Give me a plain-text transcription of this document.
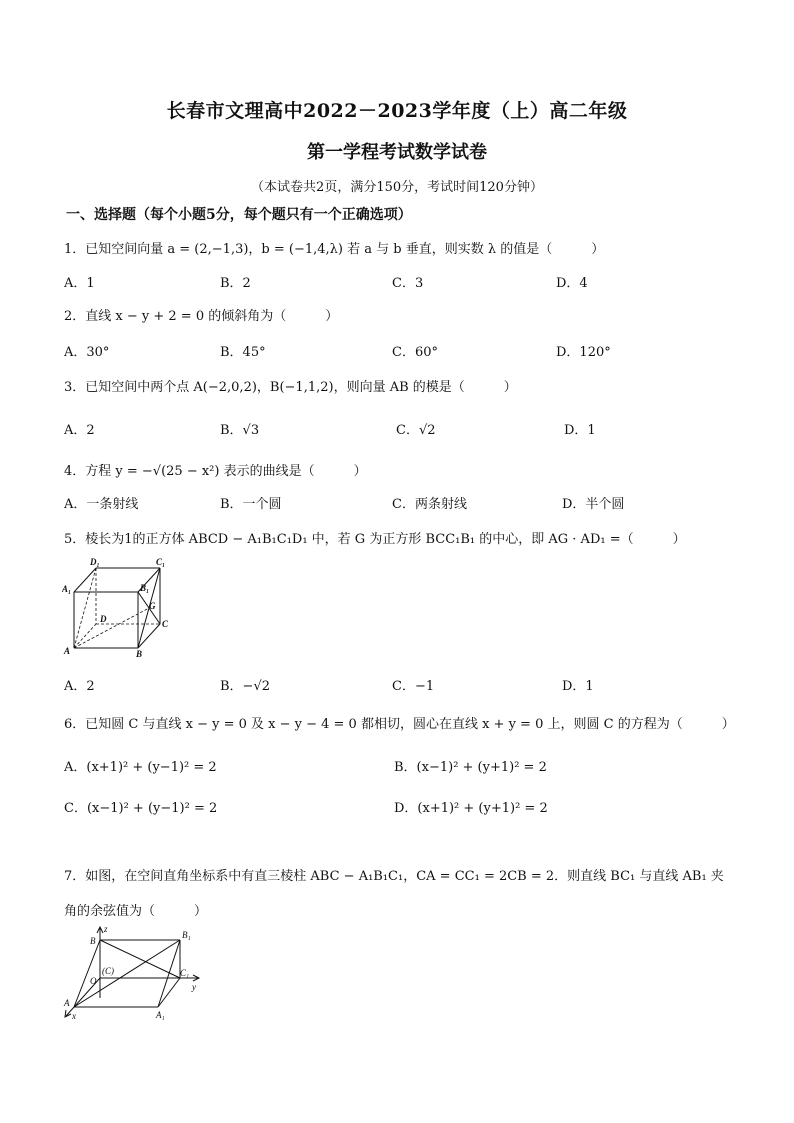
长春市文理高中2022－2023学年度（上）高二年级
第一学程考试数学试卷
（本试卷共2页，满分150分，考试时间120分钟）
一、选择题（每个小题5分，每个题只有一个正确选项）
1．已知空间向量 a = (2,−1,3)，b = (−1,4,λ) 若 a 与 b 垂直，则实数 λ 的值是（　　　）
A．1	B．2	C．3	D．4
2．直线 x − y + 2 = 0 的倾斜角为（　　　）
A．30°	B．45°	C．60°	D．120°
3．已知空间中两个点 A(−2,0,2)，B(−1,1,2)，则向量 AB 的模是（　　　）
A．2	B．√3	C．√2	D．1
4．方程 y = −√(25 − x²) 表示的曲线是（　　　）
A．一条射线	B．一个圆	C．两条射线	D．半个圆
5．棱长为1的正方体 ABCD − A₁B₁C₁D₁ 中，若 G 为正方形 BCC₁B₁ 的中心，即 AG · AD₁ =（　　　）
D₁	C₁
A₁	B₁
G
D	C
A	B
A．2	B．−√2	C．−1	D．1
6．已知圆 C 与直线 x − y = 0 及 x − y − 4 = 0 都相切，圆心在直线 x + y = 0 上，则圆 C 的方程为（　　　）
A．(x+1)² + (y−1)² = 2	B．(x−1)² + (y+1)² = 2
C．(x−1)² + (y−1)² = 2	D．(x+1)² + (y+1)² = 2
7．如图，在空间直角坐标系中有直三棱柱 ABC − A₁B₁C₁，CA = CC₁ = 2CB = 2．则直线 BC₁ 与直线 AB₁ 夹
角的余弦值为（　　　）
B
z
B₁
O
(C)	C₁
y
A
A₁
x
